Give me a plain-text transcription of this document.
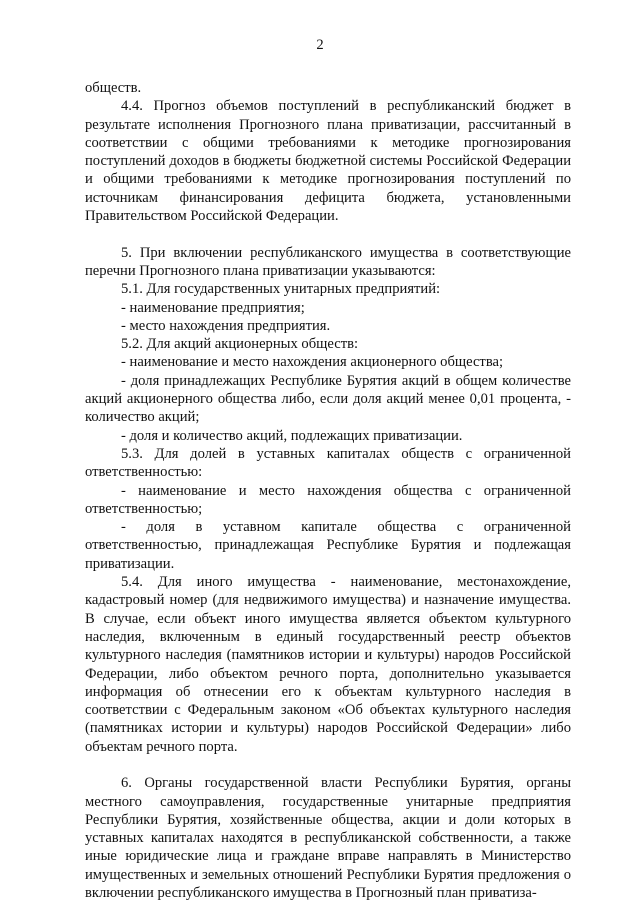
2

обществ.

4.4. Прогноз объемов поступлений в республиканский бюджет в результате исполнения Прогнозного плана приватизации, рассчитанный в соответствии с общими требованиями к методике прогнозирования поступлений доходов в бюджеты бюджетной системы Российской Федерации и общими требованиями к методике прогнозирования поступлений по источникам финансирования дефицита бюджета, установленными Правительством Российской Федерации.

5. При включении республиканского имущества в соответствующие перечни Прогнозного плана приватизации указываются:

5.1. Для государственных унитарных предприятий:

- наименование предприятия;

- место нахождения предприятия.

5.2. Для акций акционерных обществ:

- наименование и место нахождения акционерного общества;

- доля принадлежащих Республике Бурятия акций в общем количестве акций акционерного общества либо, если доля акций менее 0,01 процента, - количество акций;

- доля и количество акций, подлежащих приватизации.

5.3. Для долей в уставных капиталах обществ с ограниченной ответственностью:

- наименование и место нахождения общества с ограниченной ответственностью;

- доля в уставном капитале общества с ограниченной ответственностью, принадлежащая Республике Бурятия и подлежащая приватизации.

5.4. Для иного имущества - наименование, местонахождение, кадастровый номер (для недвижимого имущества) и назначение имущества. В случае, если объект иного имущества является объектом культурного наследия, включенным в единый государственный реестр объектов культурного наследия (памятников истории и культуры) народов Российской Федерации, либо объектом речного порта, дополнительно указывается информация об отнесении его к объектам культурного наследия в соответствии с Федеральным законом «Об объектах культурного наследия (памятниках истории и культуры) народов Российской Федерации» либо объектам речного порта.

6. Органы государственной власти Республики Бурятия, органы местного самоуправления, государственные унитарные предприятия Республики Бурятия, хозяйственные общества, акции и доли которых в уставных капиталах находятся в республиканской собственности, а также иные юридические лица и граждане вправе направлять в Министерство имущественных и земельных отношений Республики Бурятия предложения о включении республиканского имущества в Прогнозный план приватиза-
